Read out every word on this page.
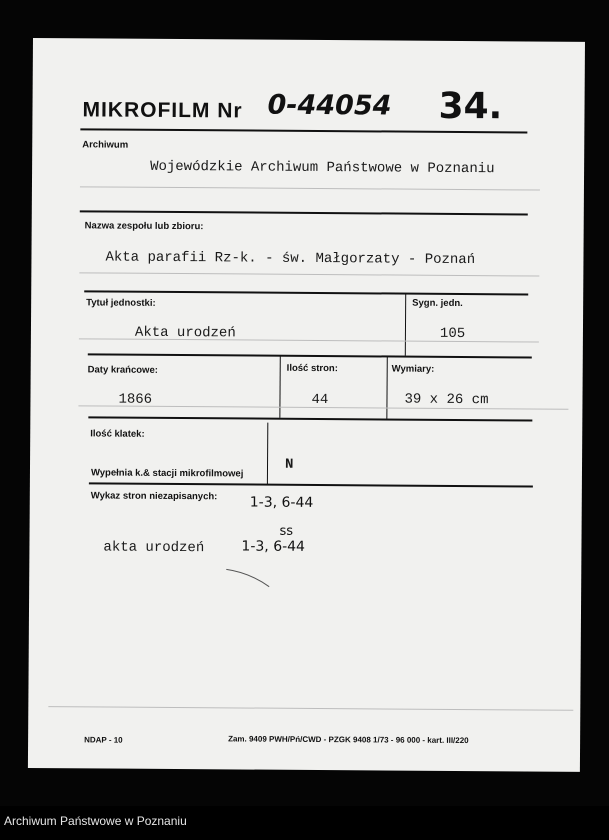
MIKROFILM Nr 0-44054 34.
Archiwum
Wojewódzkie Archiwum Państwowe w Poznaniu
Nazwa zespołu lub zbioru:
Akta parafii Rz-k. - św. Małgorzaty - Poznań
Tytuł jednostki:
Akta urodzeń
Sygn. jedn.
105
Daty krańcowe:
1866
Ilość stron:
44
Wymiary:
39 x 26 cm
Ilość klatek:
Wypełnia k.& stacji mikrofilmowej
N
Wykaz stron niezapisanych: 1-3, 6-44
ss
akta urodzeń	1-3, 6-44
NDAP - 10	Zam. 9409 PWH/Pń/CWD - PZGK 9408 1/73 - 96 000 - kart. III/220
Archiwum Państwowe w Poznaniu
